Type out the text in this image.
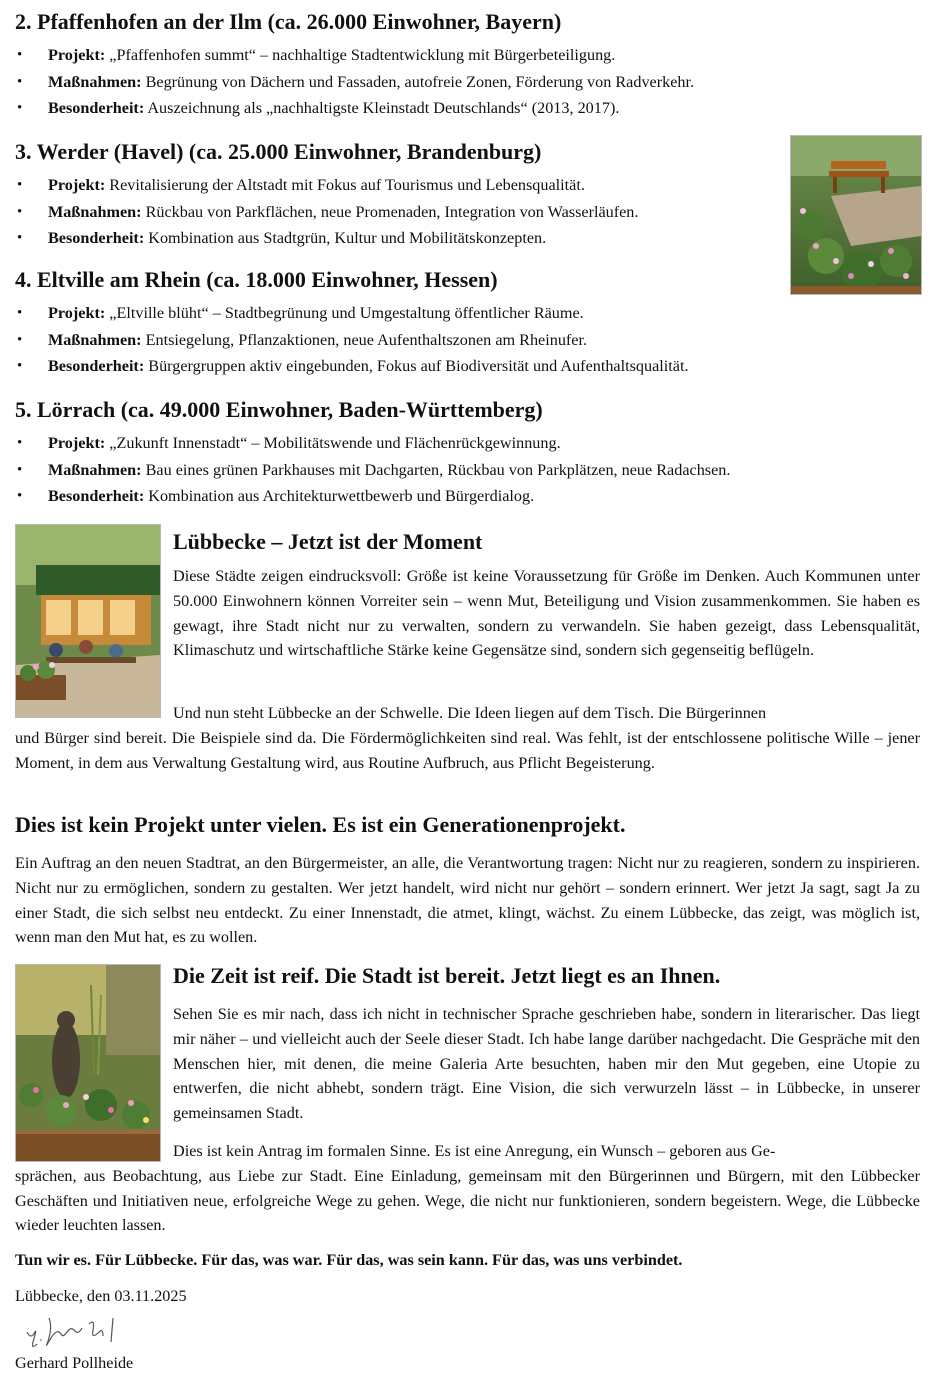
2. Pfaffenhofen an der Ilm (ca. 26.000 Einwohner, Bayern)
• Projekt: „Pfaffenhofen summt“ – nachhaltige Stadtentwicklung mit Bürgerbeteiligung.
• Maßnahmen: Begrünung von Dächern und Fassaden, autofreie Zonen, Förderung von Radverkehr.
• Besonderheit: Auszeichnung als „nachhaltigste Kleinstadt Deutschlands“ (2013, 2017).
3. Werder (Havel) (ca. 25.000 Einwohner, Brandenburg)
• Projekt: Revitalisierung der Altstadt mit Fokus auf Tourismus und Lebensqualität.
• Maßnahmen: Rückbau von Parkflächen, neue Promenaden, Integration von Wasserläufen.
• Besonderheit: Kombination aus Stadtgrün, Kultur und Mobilitätskonzepten.
4. Eltville am Rhein (ca. 18.000 Einwohner, Hessen)
• Projekt: „Eltville blüht“ – Stadtbegrünung und Umgestaltung öffentlicher Räume.
• Maßnahmen: Entsiegelung, Pflanzaktionen, neue Aufenthaltszonen am Rheinufer.
• Besonderheit: Bürgergruppen aktiv eingebunden, Fokus auf Biodiversität und Aufenthaltsqualität.
5. Lörrach (ca. 49.000 Einwohner, Baden-Württemberg)
• Projekt: „Zukunft Innenstadt“ – Mobilitätswende und Flächenrückgewinnung.
• Maßnahmen: Bau eines grünen Parkhauses mit Dachgarten, Rückbau von Parkplätzen, neue Radachsen.
• Besonderheit: Kombination aus Architekturwettbewerb und Bürgerdialog.
Lübbecke – Jetzt ist der Moment

Diese Städte zeigen eindrucksvoll: Größe ist keine Voraussetzung für Größe im Denken. Auch Kommunen unter 50.000 Einwohnern können Vorreiter sein – wenn Mut, Beteiligung und Vision zusammenkommen. Sie haben es gewagt, ihre Stadt nicht nur zu verwalten, sondern zu verwandeln. Sie haben gezeigt, dass Lebensqualität, Klimaschutz und wirtschaftliche Stärke keine Gegensätze sind, sondern sich gegenseitig beflügeln.

Und nun steht Lübbecke an der Schwelle. Die Ideen liegen auf dem Tisch. Die Bürgerinnen

und Bürger sind bereit. Die Beispiele sind da. Die Fördermöglichkeiten sind real. Was fehlt, ist der entschlossene politische Wille – jener Moment, in dem aus Verwaltung Gestaltung wird, aus Routine Aufbruch, aus Pflicht Begeisterung.

Dies ist kein Projekt unter vielen. Es ist ein Generationenprojekt.

Ein Auftrag an den neuen Stadtrat, an den Bürgermeister, an alle, die Verantwortung tragen: Nicht nur zu reagieren, sondern zu inspirieren. Nicht nur zu ermöglichen, sondern zu gestalten. Wer jetzt handelt, wird nicht nur gehört – sondern erinnert. Wer jetzt Ja sagt, sagt Ja zu einer Stadt, die sich selbst neu entdeckt. Zu einer Innenstadt, die atmet, klingt, wächst. Zu einem Lübbecke, das zeigt, was möglich ist, wenn man den Mut hat, es zu wollen.

Die Zeit ist reif. Die Stadt ist bereit. Jetzt liegt es an Ihnen.

Sehen Sie es mir nach, dass ich nicht in technischer Sprache geschrieben habe, sondern in literarischer. Das liegt mir näher – und vielleicht auch der Seele dieser Stadt. Ich habe lange darüber nachgedacht. Die Gespräche mit den Menschen hier, mit denen, die meine Galeria Arte besuchten, haben mir den Mut gegeben, eine Utopie zu entwerfen, die nicht abhebt, sondern trägt. Eine Vision, die sich verwurzeln lässt – in Lübbecke, in unserer gemeinsamen Stadt.

Dies ist kein Antrag im formalen Sinne. Es ist eine Anregung, ein Wunsch – geboren aus Ge-

sprächen, aus Beobachtung, aus Liebe zur Stadt. Eine Einladung, gemeinsam mit den Bürgerinnen und Bürgern, mit den Lübbecker Geschäften und Initiativen neue, erfolgreiche Wege zu gehen. Wege, die nicht nur funktionieren, sondern begeistern. Wege, die Lübbecke wieder leuchten lassen.

Tun wir es. Für Lübbecke. Für das, was war. Für das, was sein kann. Für das, was uns verbindet.
Lübbecke, den 03.11.2025
Gerhard Pollheide
